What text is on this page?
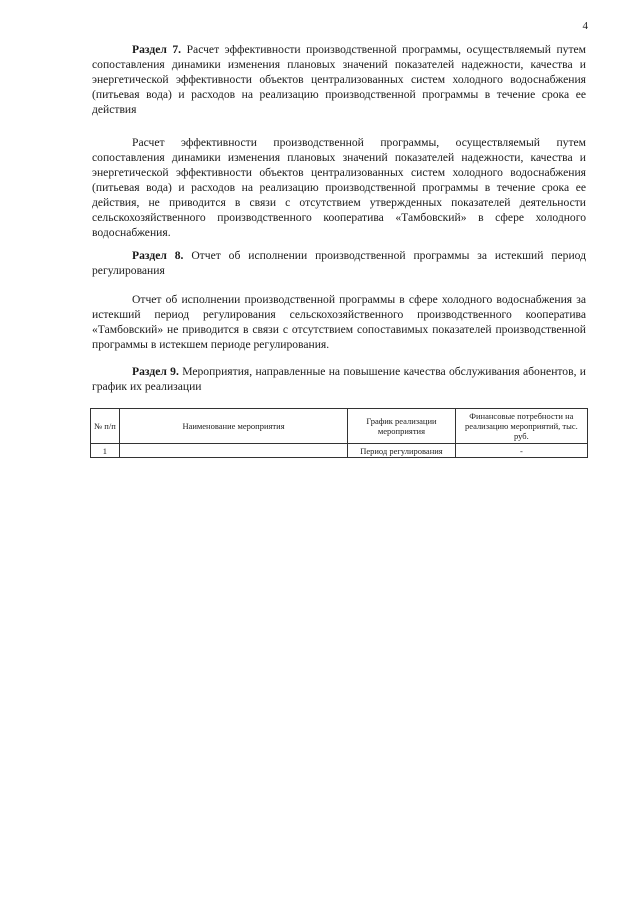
4
Раздел 7. Расчет эффективности производственной программы, осуществляемый путем сопоставления динамики изменения плановых значений показателей надежности, качества и энергетической эффективности объектов централизованных систем холодного водоснабжения (питьевая вода) и расходов на реализацию производственной программы в течение срока ее действия
Расчет эффективности производственной программы, осуществляемый путем сопоставления динамики изменения плановых значений показателей надежности, качества и энергетической эффективности объектов централизованных систем холодного водоснабжения (питьевая вода) и расходов на реализацию производственной программы в течение срока ее действия, не приводится в связи с отсутствием утвержденных показателей деятельности сельскохозяйственного производственного кооператива «Тамбовский» в сфере холодного водоснабжения.
Раздел 8. Отчет об исполнении производственной программы за истекший период регулирования
Отчет об исполнении производственной программы в сфере холодного водоснабжения за истекший период регулирования сельскохозяйственного производственного кооператива «Тамбовский» не приводится в связи с отсутствием сопоставимых показателей производственной программы в истекшем периоде регулирования.
Раздел 9. Мероприятия, направленные на повышение качества обслуживания абонентов, и график их реализации
№ п/п	Наименование мероприятия	График реализации мероприятия	Финансовые потребности на реализацию мероприятий, тыс. руб.
1		Период регулирования	-
